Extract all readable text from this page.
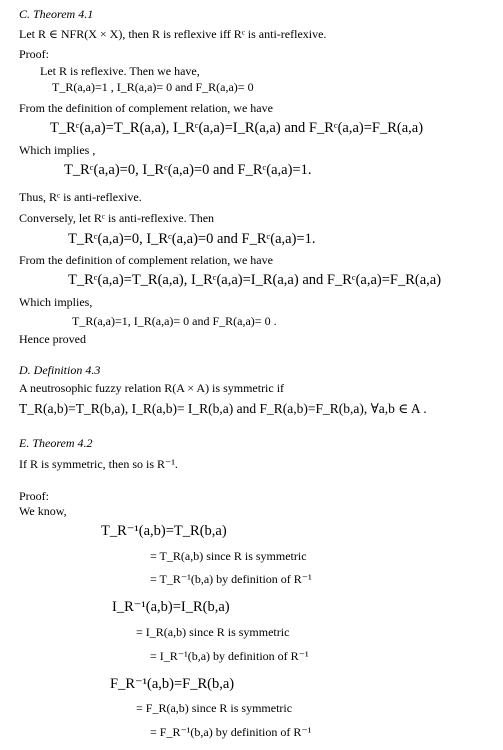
C. Theorem 4.1
Let R ∈ NFR(X × X), then R is reflexive iff Rᶜ is anti-reflexive.
Proof:
Let R is reflexive. Then we have,
T_R(a,a)=1 , I_R(a,a)= 0 and F_R(a,a)= 0
From the definition of complement relation, we have
T_Rᶜ(a,a)=T_R(a,a), I_Rᶜ(a,a)=I_R(a,a) and F_Rᶜ(a,a)=F_R(a,a)
Which implies ,
T_Rᶜ(a,a)=0, I_Rᶜ(a,a)=0 and F_Rᶜ(a,a)=1.
Thus, Rᶜ is anti-reflexive.
Conversely, let Rᶜ is anti-reflexive. Then
T_Rᶜ(a,a)=0, I_Rᶜ(a,a)=0 and F_Rᶜ(a,a)=1.
From the definition of complement relation, we have
T_Rᶜ(a,a)=T_R(a,a), I_Rᶜ(a,a)=I_R(a,a) and F_Rᶜ(a,a)=F_R(a,a)
Which implies,
T_R(a,a)=1, I_R(a,a)= 0 and F_R(a,a)= 0 .
Hence proved
D. Definition 4.3
A neutrosophic fuzzy relation R(A × A) is symmetric if
T_R(a,b)=T_R(b,a), I_R(a,b)= I_R(b,a) and F_R(a,b)=F_R(b,a), ∀a,b ∈ A .
E. Theorem 4.2
If R is symmetric, then so is R⁻¹.
Proof:
We know,
T_R⁻¹(a,b)=T_R(b,a)
= T_R(a,b) since R is symmetric
= T_R⁻¹(b,a) by definition of R⁻¹
I_R⁻¹(a,b)=I_R(b,a)
= I_R(a,b) since R is symmetric
= I_R⁻¹(b,a) by definition of R⁻¹
F_R⁻¹(a,b)=F_R(b,a)
= F_R(a,b) since R is symmetric
= F_R⁻¹(b,a) by definition of R⁻¹
